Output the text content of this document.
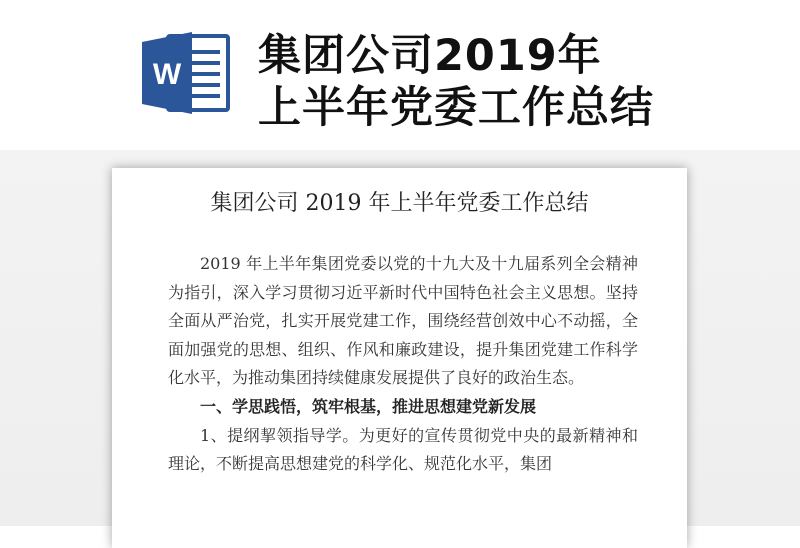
W 集团公司2019年
上半年党委工作总结
集团公司 2019 年上半年党委工作总结

2019 年上半年集团党委以党的十九大及十九届系列全会精神为指引，深入学习贯彻习近平新时代中国特色社会主义思想。坚持全面从严治党，扎实开展党建工作，围绕经营创效中心不动摇，全面加强党的思想、组织、作风和廉政建设，提升集团党建工作科学化水平，为推动集团持续健康发展提供了良好的政治生态。

一、学思践悟，筑牢根基，推进思想建党新发展

1、提纲挈领指导学。为更好的宣传贯彻党中央的最新精神和理论，不断提高思想建党的科学化、规范化水平，集团
